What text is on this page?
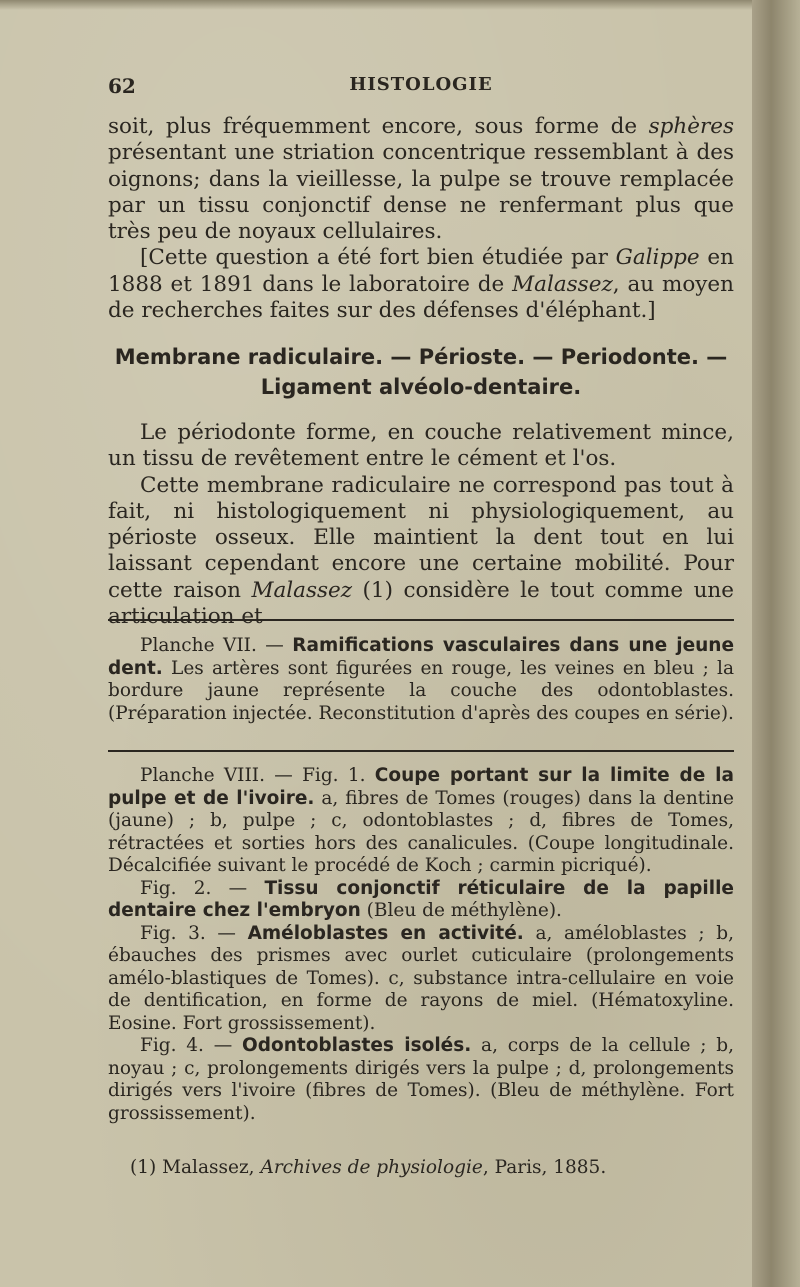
62	HISTOLOGIE

soit, plus fréquemment encore, sous forme de sphères présentant une striation concentrique ressemblant à des oignons; dans la vieillesse, la pulpe se trouve remplacée par un tissu conjonctif dense ne renfermant plus que très peu de noyaux cellulaires.

[Cette question a été fort bien étudiée par Galippe en 1888 et 1891 dans le laboratoire de Malassez, au moyen de recherches faites sur des défenses d'éléphant.]

Membrane radiculaire. — Périoste. — Periodonte. —
Ligament alvéolo-dentaire.

Le périodonte forme, en couche relativement mince, un tissu de revêtement entre le cément et l'os.

Cette membrane radiculaire ne correspond pas tout à fait, ni histologiquement ni physiologiquement, au périoste osseux. Elle maintient la dent tout en lui laissant cependant encore une certaine mobilité. Pour cette raison Malassez (1) considère le tout comme une articulation et

Planche VII. — Ramifications vasculaires dans une jeune dent. Les artères sont figurées en rouge, les veines en bleu ; la bordure jaune représente la couche des odontoblastes. (Préparation injectée. Reconstitution d'après des coupes en série).

Planche VIII. — Fig. 1. Coupe portant sur la limite de la pulpe et de l'ivoire. a, fibres de Tomes (rouges) dans la dentine (jaune) ; b, pulpe ; c, odontoblastes ; d, fibres de Tomes, rétractées et sorties hors des canalicules. (Coupe longitudinale. Décalcifiée suivant le procédé de Koch ; carmin picriqué).

Fig. 2. — Tissu conjonctif réticulaire de la papille dentaire chez l'embryon (Bleu de méthylène).

Fig. 3. — Améloblastes en activité. a, améloblastes ; b, ébauches des prismes avec ourlet cuticulaire (prolongements amélo-blastiques de Tomes). c, substance intra-cellulaire en voie de dentification, en forme de rayons de miel. (Hématoxyline. Eosine. Fort grossissement).

Fig. 4. — Odontoblastes isolés. a, corps de la cellule ; b, noyau ; c, prolongements dirigés vers la pulpe ; d, prolongements dirigés vers l'ivoire (fibres de Tomes). (Bleu de méthylène. Fort grossissement).

(1) Malassez, Archives de physiologie, Paris, 1885.
